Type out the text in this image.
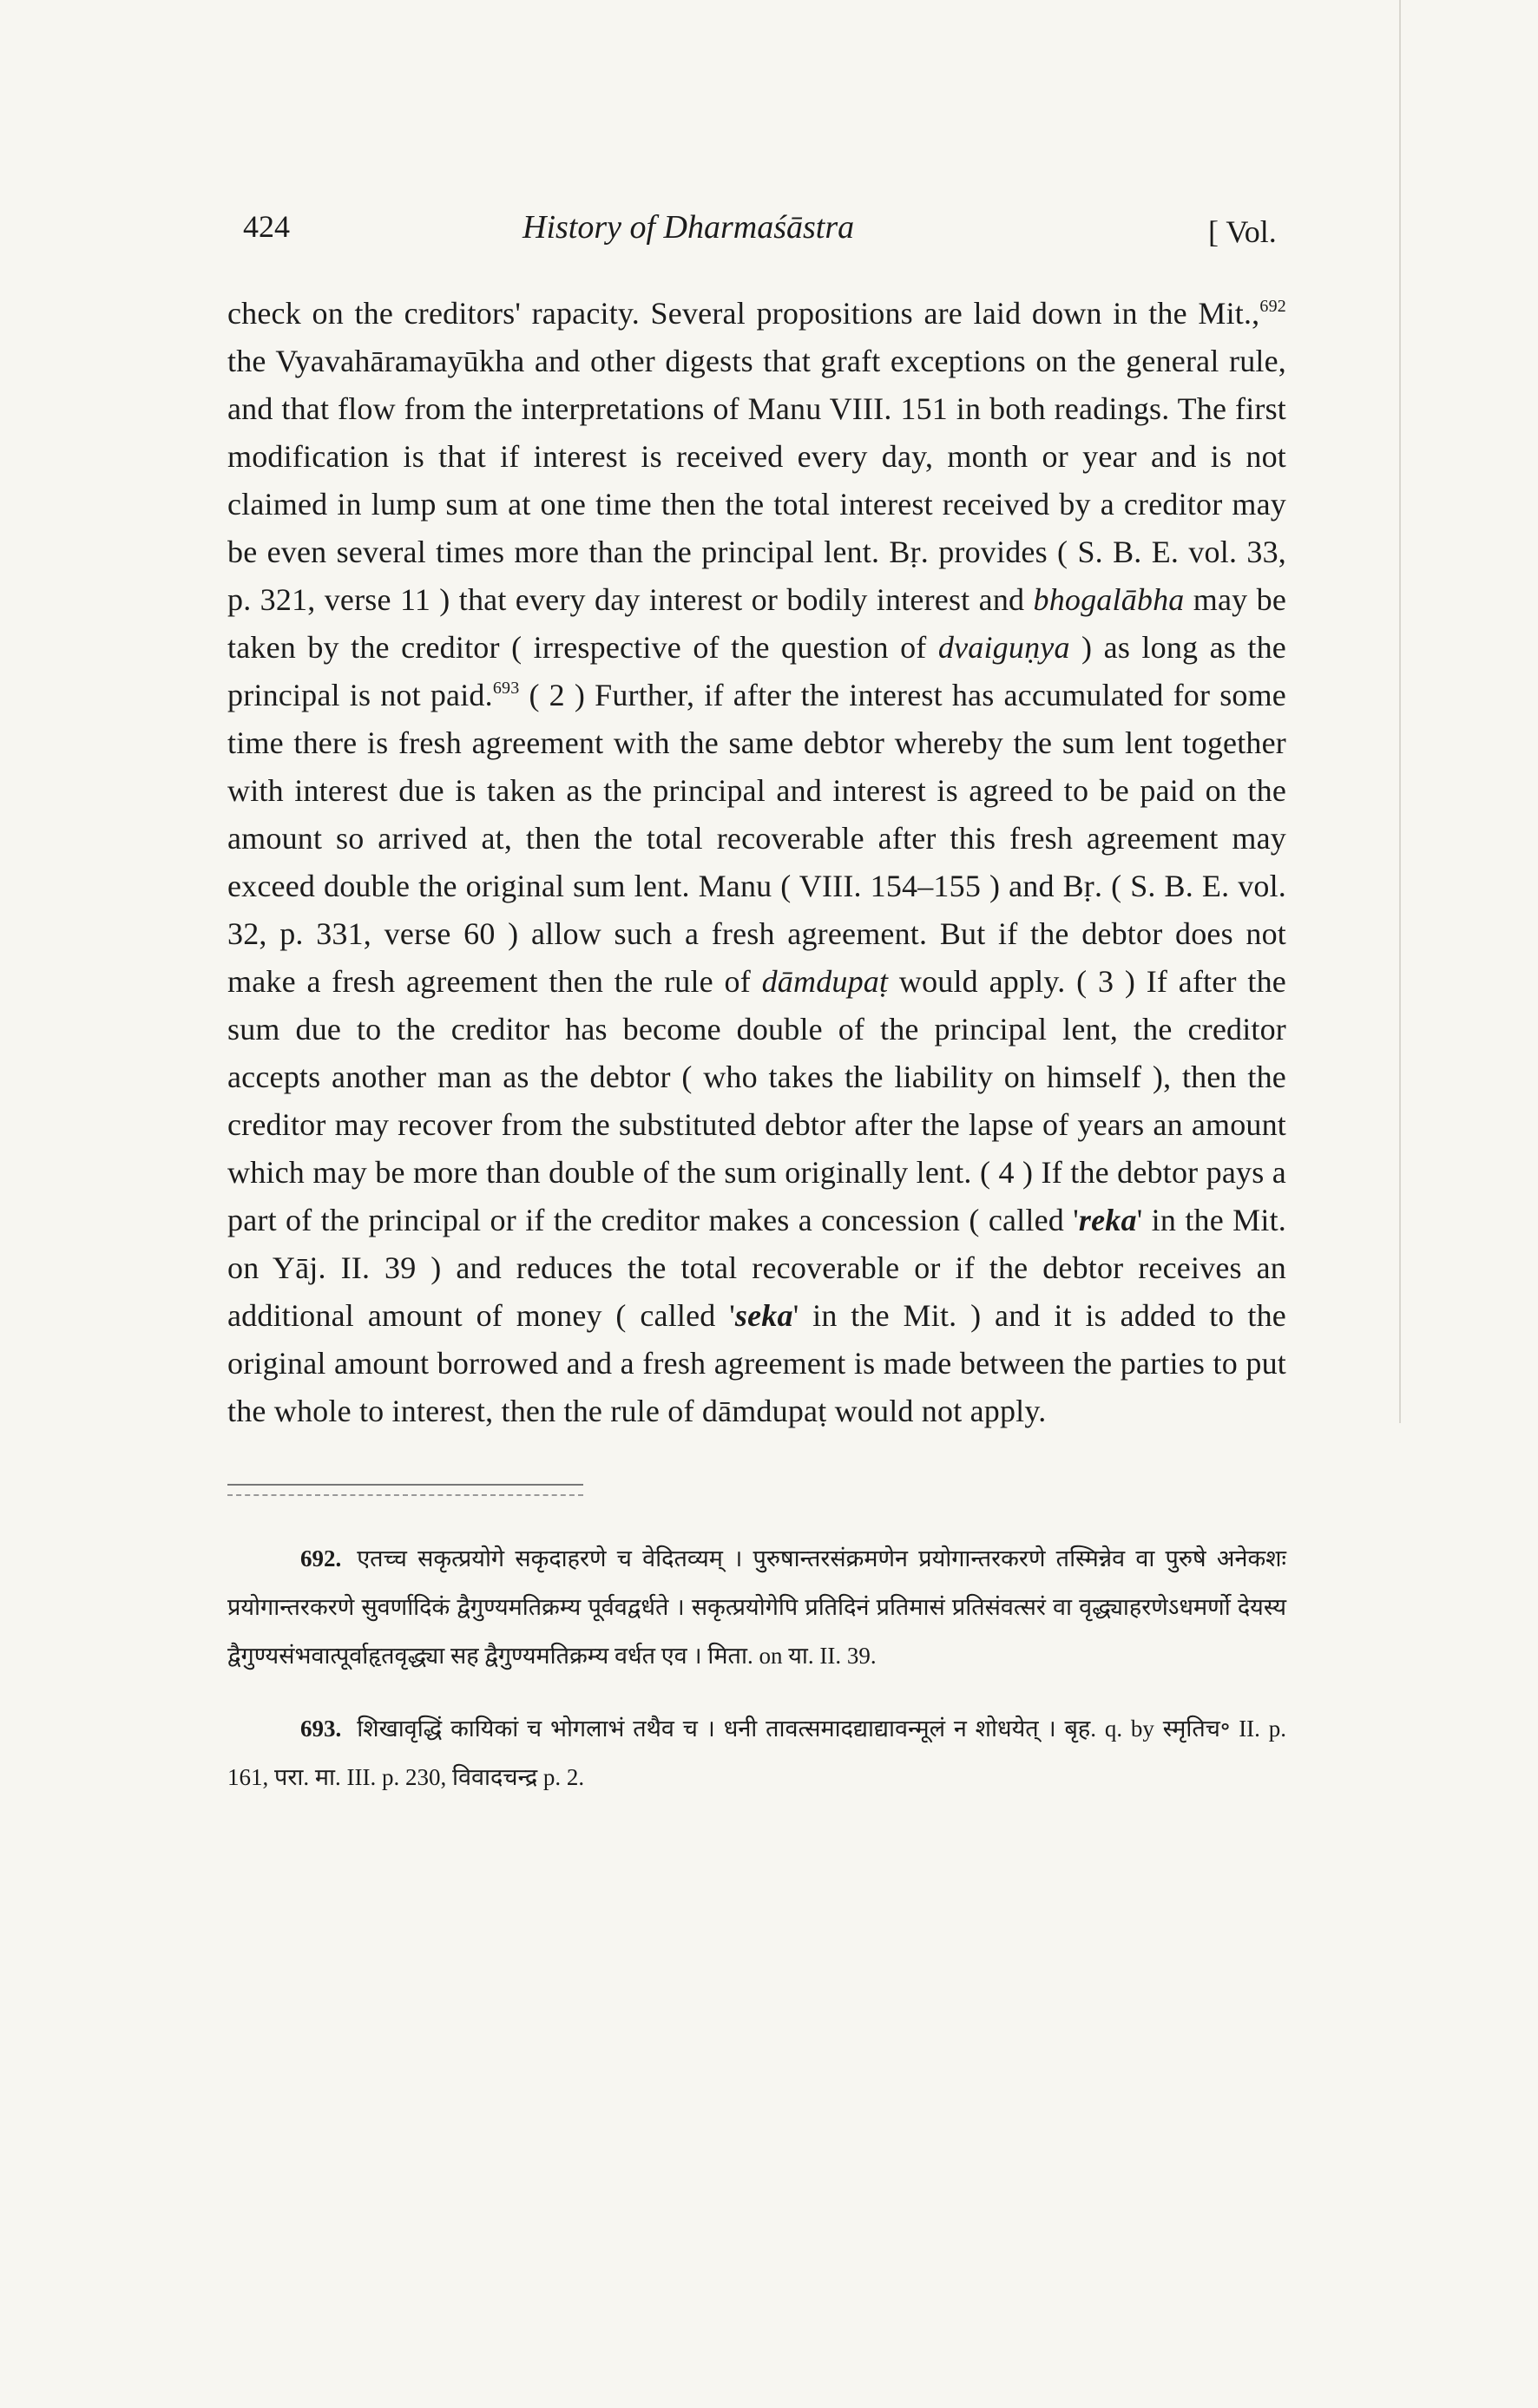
424	History of Dharmaśāstra	[ Vol.

check on the creditors' rapacity. Several propositions are laid down in the Mit.,$^{692}$ the Vyavahāramayūkha and other digests that graft exceptions on the general rule, and that flow from the interpretations of Manu VIII. 151 in both readings. The first modification is that if interest is received every day, month or year and is not claimed in lump sum at one time then the total interest received by a creditor may be even several times more than the principal lent. Bṛ. provides ( S. B. E. vol. 33, p. 321, verse 11 ) that every day interest or bodily interest and bhogalābha may be taken by the creditor ( irrespective of the question of dvaiguṇya ) as long as the principal is not paid.$^{693}$ ( 2 ) Further, if after the interest has accumulated for some time there is fresh agreement with the same debtor whereby the sum lent together with interest due is taken as the principal and interest is agreed to be paid on the amount so arrived at, then the total recoverable after this fresh agreement may exceed double the original sum lent. Manu ( VIII. 154–155 ) and Bṛ. ( S. B. E. vol. 32, p. 331, verse 60 ) allow such a fresh agreement. But if the debtor does not make a fresh agreement then the rule of dāmdupaṭ would apply. ( 3 ) If after the sum due to the creditor has become double of the principal lent, the creditor accepts another man as the debtor ( who takes the liability on himself ), then the creditor may recover from the substituted debtor after the lapse of years an amount which may be more than double of the sum originally lent. ( 4 ) If the debtor pays a part of the principal or if the creditor makes a concession ( called 'reka' in the Mit. on Yāj. II. 39 ) and reduces the total recoverable or if the debtor receives an additional amount of money ( called 'seka' in the Mit. ) and it is added to the original amount borrowed and a fresh agreement is made between the parties to put the whole to interest, then the rule of dāmdupaṭ would not apply.

692. एतच्च सकृत्प्रयोगे सकृदाहरणे च वेदितव्यम् । पुरुषान्तरसंक्रमणेन प्रयोगान्तरकरणे तस्मिन्नेव वा पुरुषे अनेकशः प्रयोगान्तरकरणे सुवर्णादिकं द्वैगुण्यमतिक्रम्य पूर्ववद्वर्धते । सकृत्प्रयोगेपि प्रतिदिनं प्रतिमासं प्रतिसंवत्सरं वा वृद्ध्याहरणेऽधमर्णो देयस्य द्वैगुण्यसंभवात्पूर्वाहृतवृद्ध्या सह द्वैगुण्यमतिक्रम्य वर्धत एव । मिता. on या. II. 39.

693. शिखावृद्धिं कायिकां च भोगलाभं तथैव च । धनी तावत्समादद्याद्यावन्मूलं न शोधयेत् । बृह. q. by स्मृतिच॰ II. p. 161, परा. मा. III. p. 230, विवादचन्द्र p. 2.
